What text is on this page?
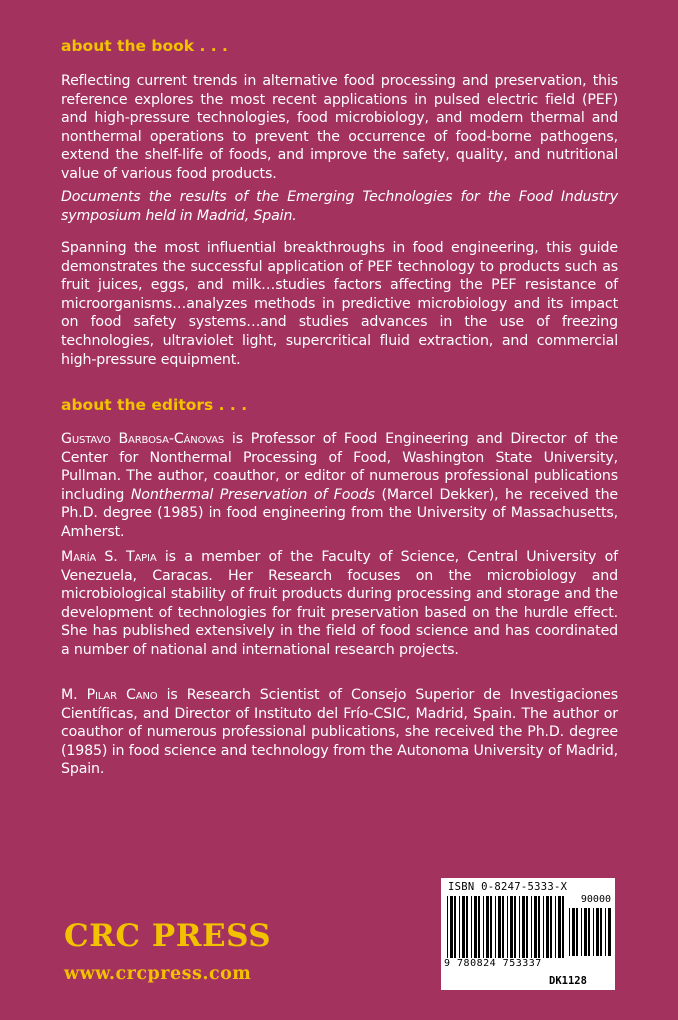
about the book . . .

Reflecting current trends in alternative food processing and preservation, this reference explores the most recent applications in pulsed electric field (PEF) and high-pressure technologies, food microbiology, and modern thermal and nonthermal operations to prevent the occurrence of food-borne pathogens, extend the shelf-life of foods, and improve the safety, quality, and nutritional value of various food products.

Documents the results of the Emerging Technologies for the Food Industry symposium held in Madrid, Spain.

Spanning the most influential breakthroughs in food engineering, this guide demonstrates the successful application of PEF technology to products such as fruit juices, eggs, and milk…studies factors affecting the PEF resistance of microorganisms…analyzes methods in predictive microbiology and its impact on food safety systems…and studies advances in the use of freezing technologies, ultraviolet light, supercritical fluid extraction, and commercial high-pressure equipment.

about the editors . . .

Gustavo Barbosa-Cánovas is Professor of Food Engineering and Director of the Center for Nonthermal Processing of Food, Washington State University, Pullman. The author, coauthor, or editor of numerous professional publications including Nonthermal Preservation of Foods (Marcel Dekker), he received the Ph.D. degree (1985) in food engineering from the University of Massachusetts, Amherst.

María S. Tapia is a member of the Faculty of Science, Central University of Venezuela, Caracas. Her Research focuses on the microbiology and microbiological stability of fruit products during processing and storage and the development of technologies for fruit preservation based on the hurdle effect. She has published extensively in the field of food science and has coordinated a number of national and international research projects.

M. Pilar Cano is Research Scientist of Consejo Superior de Investigaciones Científicas, and Director of Instituto del Frío-CSIC, Madrid, Spain. The author or coauthor of numerous professional publications, she received the Ph.D. degree (1985) in food science and technology from the Autonoma University of Madrid, Spain.

CRC PRESS
www.crcpress.com
ISBN 0-8247-5333-X
90000
9 780824 753337
DK1128
